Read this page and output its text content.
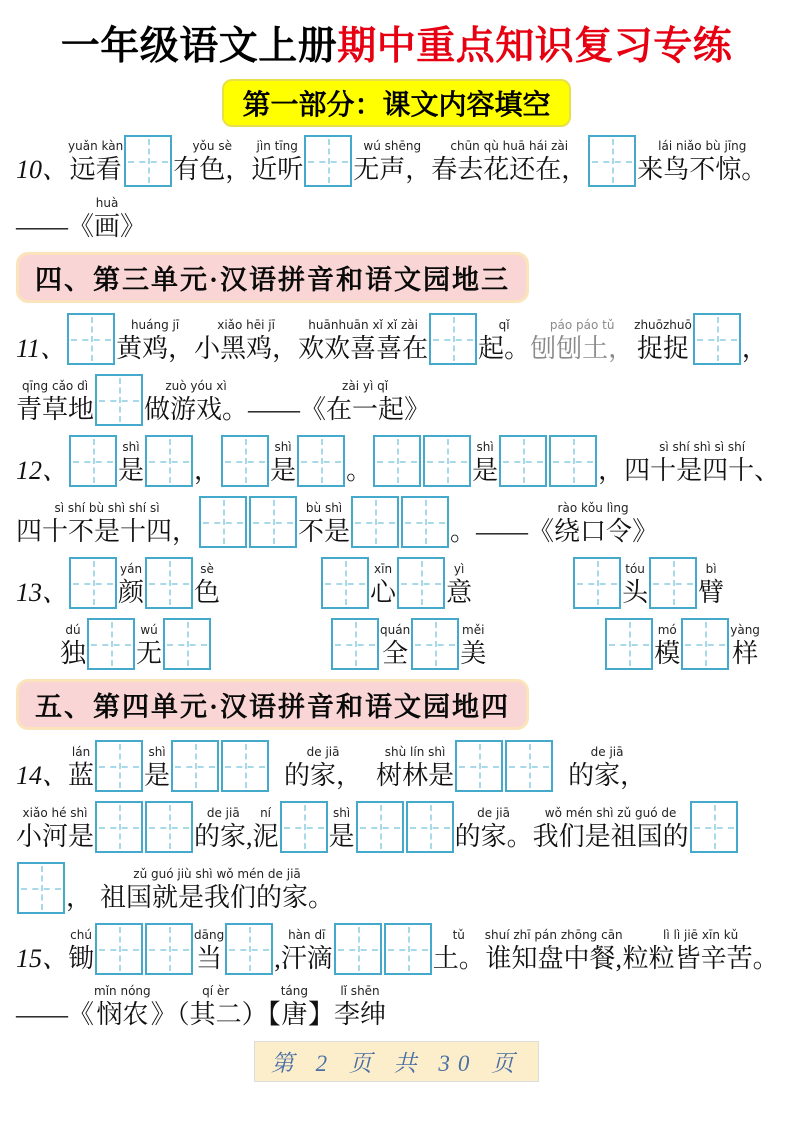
一年级语文上册期中重点知识复习专练
第一部分：课文内容填空
10、
yuǎn kàn
远看
yǒu sè
有色，
jìn tīng
近听
wú shēng
无声，
chūn qù huā hái zài
春去花还在，
lái niǎo bù jīng
来鸟不惊。
——《
huà
画 》
四、第三单元·汉语拼音和语文园地三
11、
huáng jī
黄鸡，
xiǎo hēi jī
小黑鸡，
huānhuān xǐ xǐ zài
欢欢喜喜在
qǐ
起。
páo páo tǔ
刨刨土，
zhuōzhuō
捉捉 ，
qīng cǎo dì
青草地
zuò yóu xì
做游戏。 ——《
zài yì qǐ
在一起 》
12、
shì
是 ，
shì
是 。
shì
是	，
sì shí shì sì shí
四十是四十、
sì shí bù shì shí sì
四十不是十四，
bù shì
不是	。——《
rào kǒu lìng
绕口令 》
13、
yán
颜
sè
色
xīn
心
yì
意
tóu
头
bì
臂
dú
独
wú
无
quán
全
měi
美
mó
模
yàng
样
五、第四单元·汉语拼音和语文园地四
14、
lán
蓝
shì
是
de jiā
的家，
shù lín shì
树林是
de jiā
的家，
xiǎo hé shì
小河是
de jiā
的家,
ní
泥
shì
是
de jiā
的家。
wǒ mén shì zǔ guó de
我们是祖国的
，
zǔ guó jiù shì wǒ mén de jiā
祖国就是我们的家。
15、
chú
锄
dāng
当 ,
hàn dī
汗滴
tǔ
土。
shuí zhī pán zhōng cān
谁知盘中餐,
lì lì jiē xīn kǔ
粒粒皆辛苦。
——《
mǐn nóng
悯农 》（
qí èr
其二 ）【
táng
唐 】
lǐ shēn
李绅
第 2 页 共 30 页
